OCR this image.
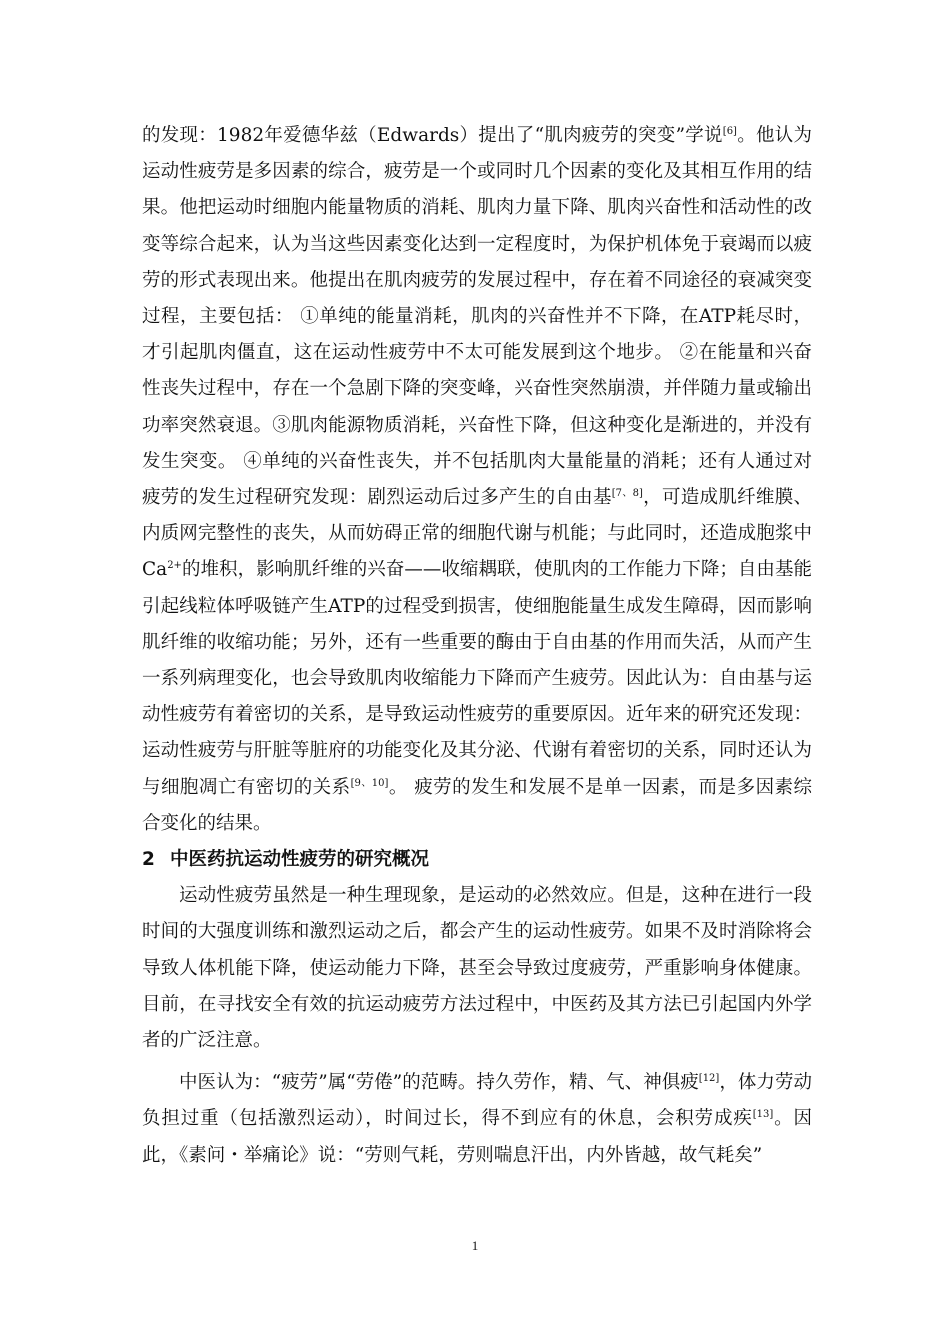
的发现：1982年爱德华兹（Edwards）提出了“肌肉疲劳的突变”学说[6]。他认为运动性疲劳是多因素的综合，疲劳是一个或同时几个因素的变化及其相互作用的结果。他把运动时细胞内能量物质的消耗、肌肉力量下降、肌肉兴奋性和活动性的改变等综合起来，认为当这些因素变化达到一定程度时，为保护机体免于衰竭而以疲劳的形式表现出来。他提出在肌肉疲劳的发展过程中，存在着不同途径的衰减突变过程，主要包括： ①单纯的能量消耗，肌肉的兴奋性并不下降，在ATP耗尽时，才引起肌肉僵直，这在运动性疲劳中不太可能发展到这个地步。 ②在能量和兴奋性丧失过程中，存在一个急剧下降的突变峰，兴奋性突然崩溃，并伴随力量或输出功率突然衰退。③肌肉能源物质消耗，兴奋性下降，但这种变化是渐进的，并没有发生突变。 ④单纯的兴奋性丧失，并不包括肌肉大量能量的消耗；还有人通过对疲劳的发生过程研究发现：剧烈运动后过多产生的自由基[7、8]，可造成肌纤维膜、内质网完整性的丧失，从而妨碍正常的细胞代谢与机能；与此同时，还造成胞浆中$Ca^{2+}$的堆积，影响肌纤维的兴奋——收缩耦联，使肌肉的工作能力下降；自由基能引起线粒体呼吸链产生ATP的过程受到损害，使细胞能量生成发生障碍，因而影响肌纤维的收缩功能；另外，还有一些重要的酶由于自由基的作用而失活，从而产生一系列病理变化，也会导致肌肉收缩能力下降而产生疲劳。因此认为：自由基与运动性疲劳有着密切的关系，是导致运动性疲劳的重要原因。近年来的研究还发现：运动性疲劳与肝脏等脏府的功能变化及其分泌、代谢有着密切的关系，同时还认为与细胞凋亡有密切的关系[9、10]。 疲劳的发生和发展不是单一因素，而是多因素综合变化的结果。

2 中医药抗运动性疲劳的研究概况

运动性疲劳虽然是一种生理现象，是运动的必然效应。但是，这种在进行一段时间的大强度训练和激烈运动之后，都会产生的运动性疲劳。如果不及时消除将会导致人体机能下降，使运动能力下降，甚至会导致过度疲劳，严重影响身体健康。目前，在寻找安全有效的抗运动疲劳方法过程中，中医药及其方法已引起国内外学者的广泛注意。

中医认为：“疲劳”属“劳倦”的范畴。持久劳作，精、气、神俱疲[12]，体力劳动负担过重（包括激烈运动），时间过长，得不到应有的休息，会积劳成疾[13]。因此，《素问・举痛论》说：“劳则气耗，劳则喘息汗出，内外皆越，故气耗矣”

1
